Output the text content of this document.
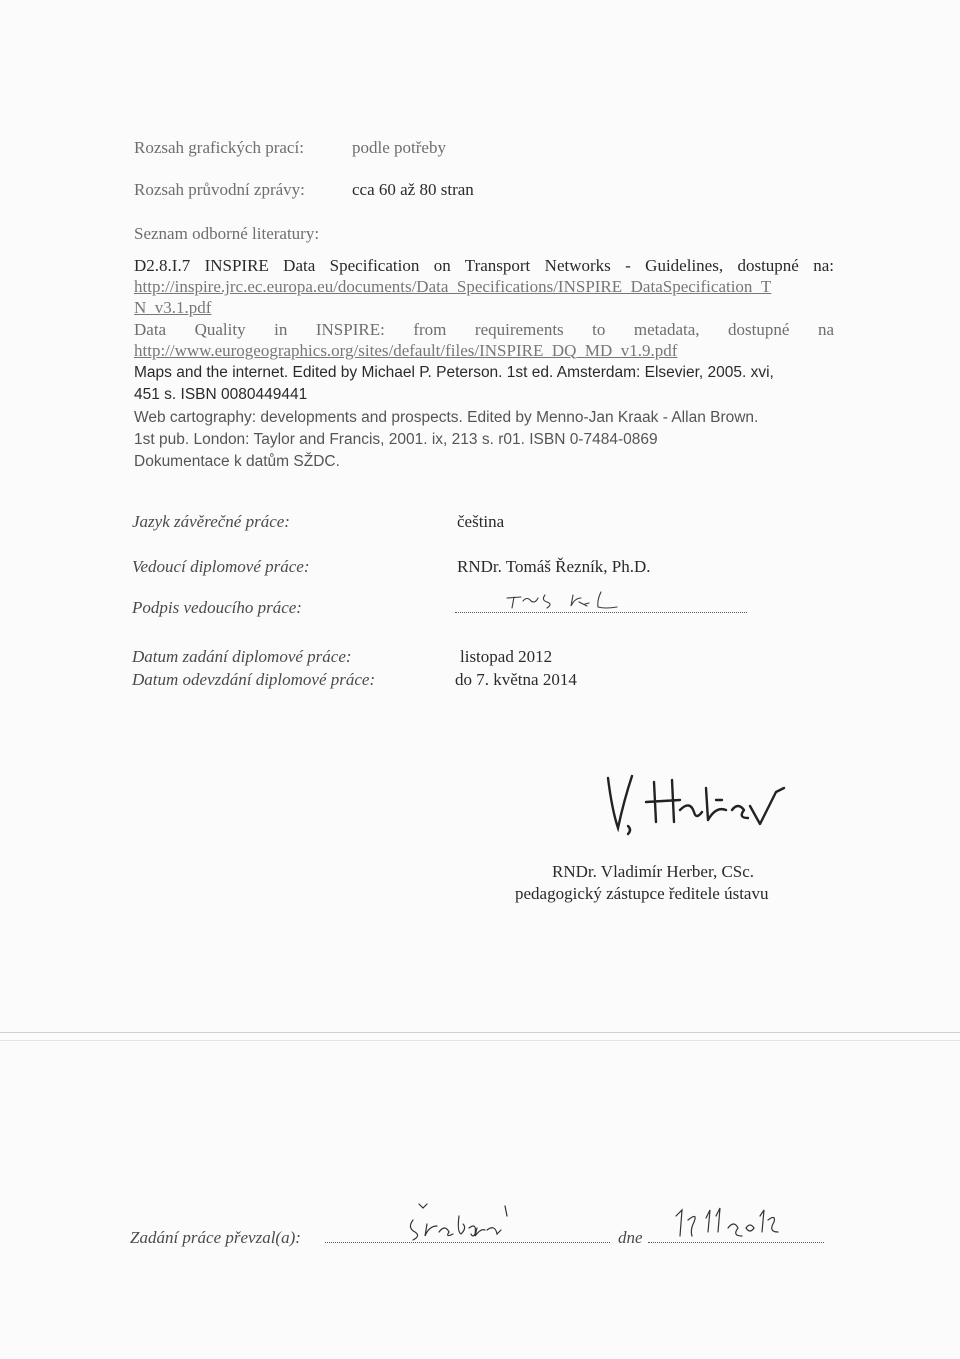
Rozsah grafických prací:	podle potřeby
Rozsah průvodní zprávy:	cca 60 až 80 stran
Seznam odborné literatury:
D2.8.I.7 INSPIRE Data Specification on Transport Networks - Guidelines, dostupné na:
http://inspire.jrc.ec.europa.eu/documents/Data_Specifications/INSPIRE_DataSpecification_T
N_v3.1.pdf
Data Quality in INSPIRE: from requirements to metadata, dostupné na
http://www.eurogeographics.org/sites/default/files/INSPIRE_DQ_MD_v1.9.pdf
Maps and the internet. Edited by Michael P. Peterson. 1st ed. Amsterdam: Elsevier, 2005. xvi,
451 s. ISBN 0080449441
Web cartography: developments and prospects. Edited by Menno-Jan Kraak - Allan Brown.
1st pub. London: Taylor and Francis, 2001. ix, 213 s. r01. ISBN 0-7484-0869
Dokumentace k datům SŽDC.
Jazyk závěrečné práce:	čeština
Vedoucí diplomové práce:	RNDr. Tomáš Řezník, Ph.D.
Podpis vedoucího práce:
Datum zadání diplomové práce:	listopad 2012
Datum odevzdání diplomové práce:	do 7. května 2014
RNDr. Vladimír Herber, CSc.
pedagogický zástupce ředitele ústavu
Zadání práce převzal(a):	dne
